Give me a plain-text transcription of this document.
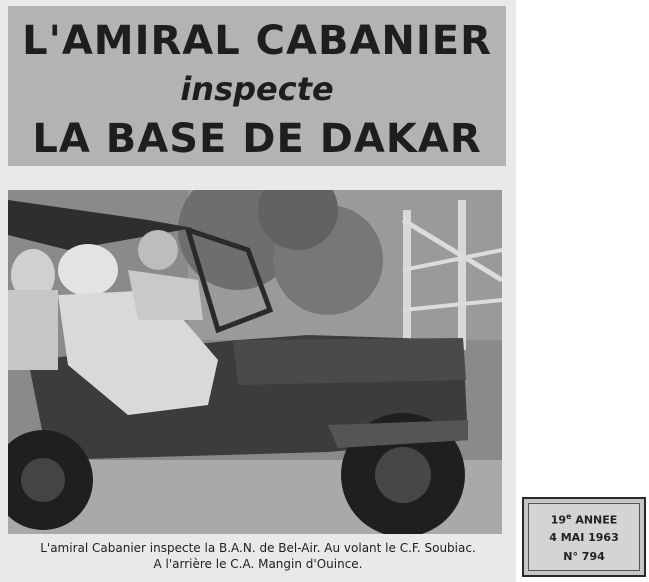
L'AMIRAL CABANIER
inspecte
LA BASE DE DAKAR
L'amiral Cabanier inspecte la B.A.N. de Bel-Air. Au volant le C.F. Soubiac.
A l'arrière le C.A. Mangin d'Ouince.
19e ANNEE
4 MAI 1963
N° 794
